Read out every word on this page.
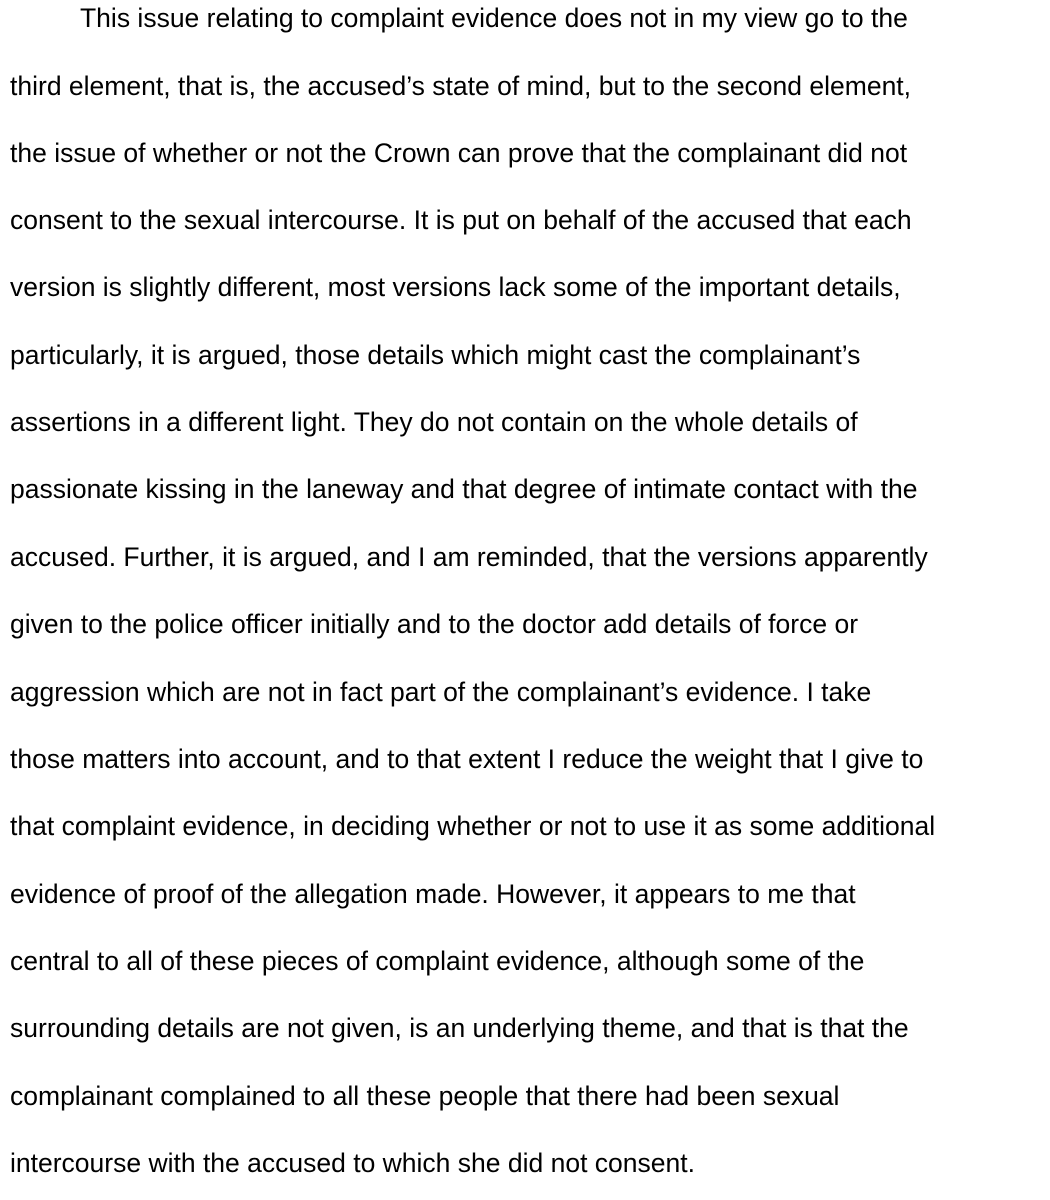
This issue relating to complaint evidence does not in my view go to the
third element, that is, the accused’s state of mind, but to the second element,
the issue of whether or not the Crown can prove that the complainant did not
consent to the sexual intercourse. It is put on behalf of the accused that each
version is slightly different, most versions lack some of the important details,
particularly, it is argued, those details which might cast the complainant’s
assertions in a different light. They do not contain on the whole details of
passionate kissing in the laneway and that degree of intimate contact with the
accused. Further, it is argued, and I am reminded, that the versions apparently
given to the police officer initially and to the doctor add details of force or
aggression which are not in fact part of the complainant’s evidence. I take
those matters into account, and to that extent I reduce the weight that I give to
that complaint evidence, in deciding whether or not to use it as some additional
evidence of proof of the allegation made. However, it appears to me that
central to all of these pieces of complaint evidence, although some of the
surrounding details are not given, is an underlying theme, and that is that the
complainant complained to all these people that there had been sexual
intercourse with the accused to which she did not consent.
